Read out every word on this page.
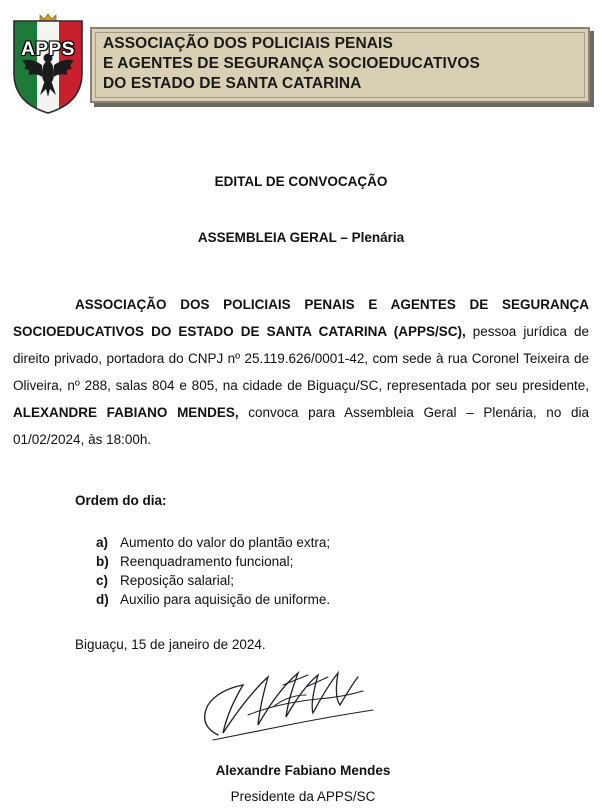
APPS	ASSOCIAÇÃO DOS POLICIAIS PENAIS
E AGENTES DE SEGURANÇA SOCIOEDUCATIVOS
DO ESTADO DE SANTA CATARINA
EDITAL DE CONVOCAÇÃO
ASSEMBLEIA GERAL – Plenária
ASSOCIAÇÃO DOS POLICIAIS PENAIS E AGENTES DE SEGURANÇA SOCIOEDUCATIVOS DO ESTADO DE SANTA CATARINA (APPS/SC), pessoa jurídica de direito privado, portadora do CNPJ nº 25.119.626/0001-42, com sede à rua Coronel Teixeira de Oliveira, nº 288, salas 804 e 805, na cidade de Biguaçu/SC, representada por seu presidente, ALEXANDRE FABIANO MENDES, convoca para Assembleia Geral – Plenária, no dia 01/02/2024, às 18:00h.
Ordem do dia:
a) Aumento do valor do plantão extra;
b) Reenquadramento funcional;
c) Reposição salarial;
d) Auxilio para aquisição de uniforme.
Biguaçu, 15 de janeiro de 2024.
Alexandre Fabiano Mendes
Presidente da APPS/SC
